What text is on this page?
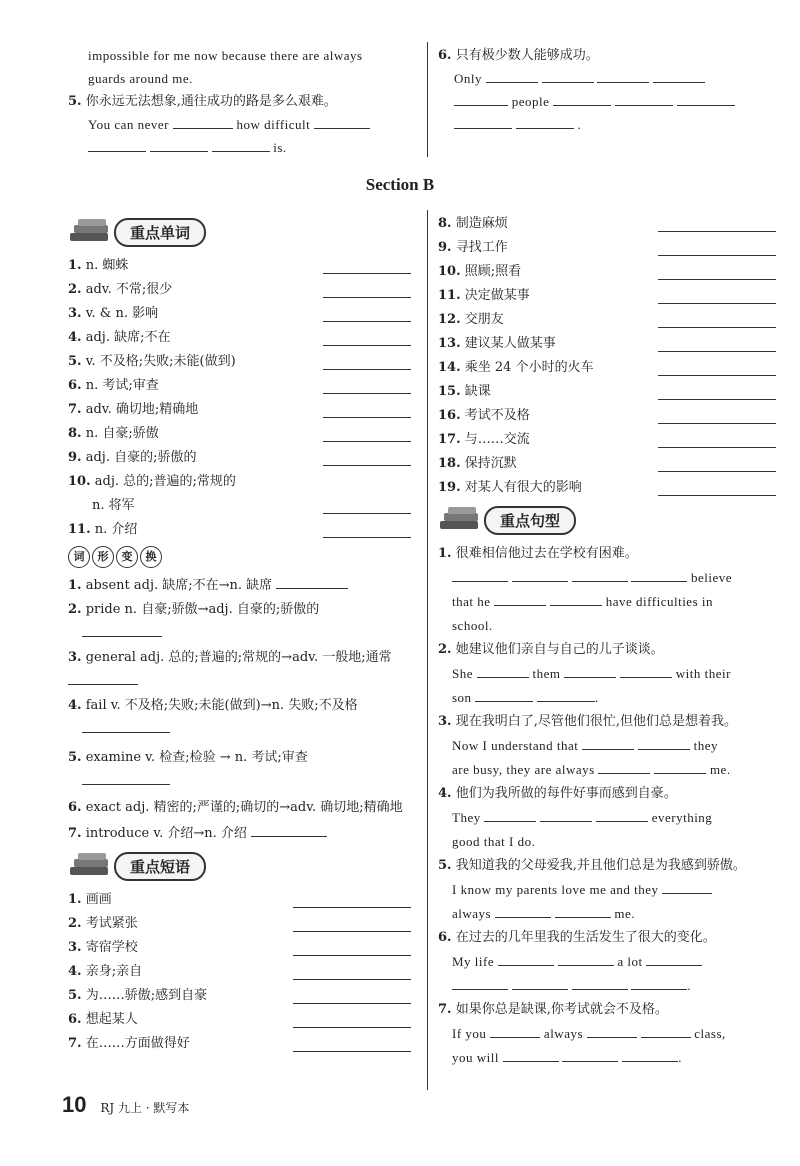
impossible for me now because there are always
guards around me.
5. 你永远无法想象,通往成功的路是多么艰难。
You can never	how difficult
is.
6. 只有极少数人能够成功。
Only
people
.
Section B
重点单词
1. n. 蜘蛛
2. adv. 不常;很少
3. v. & n. 影响
4. adj. 缺席;不在
5. v. 不及格;失败;未能(做到)
6. n. 考试;审查
7. adv. 确切地;精确地
8. n. 自豪;骄傲
9. adj. 自豪的;骄傲的
10. adj. 总的;普遍的;常规的
n. 将军
11. n. 介绍
词	形	变	换
1. absent adj. 缺席;不在→n. 缺席
2. pride n. 自豪;骄傲→adj. 自豪的;骄傲的
3. general adj. 总的;普遍的;常规的→adv. 一般地;通常
4. fail v. 不及格;失败;未能(做到)→n. 失败;不及格
5. examine v. 检查;检验 → n. 考试;审查
6. exact adj. 精密的;严谨的;确切的→adv. 确切地;精确地
7. introduce v. 介绍→n. 介绍
重点短语
1. 画画
2. 考试紧张
3. 寄宿学校
4. 亲身;亲自
5. 为……骄傲;感到自豪
6. 想起某人
7. 在……方面做得好
8. 制造麻烦
9. 寻找工作
10. 照顾;照看
11. 决定做某事
12. 交朋友
13. 建议某人做某事
14. 乘坐 24 个小时的火车
15. 缺课
16. 考试不及格
17. 与……交流
18. 保持沉默
19. 对某人有很大的影响
重点句型
1. 很难相信他过去在学校有困难。
believe
that he	have difficulties in
school.
2. 她建议他们亲自与自己的儿子谈谈。
She	them	with their
son	.
3. 现在我明白了,尽管他们很忙,但他们总是想着我。
Now I understand that	they
are busy, they are always	me.
4. 他们为我所做的每件好事而感到自豪。
They	everything
good that I do.
5. 我知道我的父母爱我,并且他们总是为我感到骄傲。
I know my parents love me and they
always	me.
6. 在过去的几年里我的生活发生了很大的变化。
My life	a lot
.
7. 如果你总是缺课,你考试就会不及格。
If you	always	class,
you will	.
10 RJ 九上 · 默写本
